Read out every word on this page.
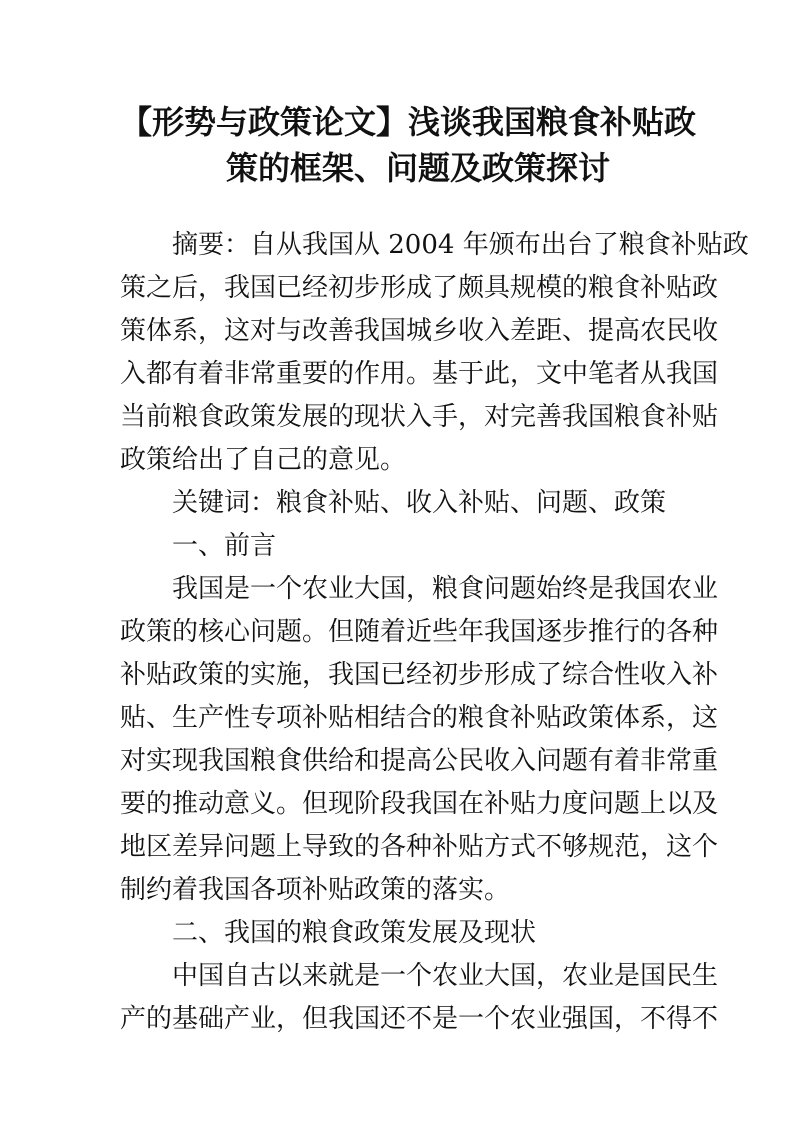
【形势与政策论文】浅谈我国粮食补贴政
策的框架、问题及政策探讨
摘要：自从我国从 2004 年颁布出台了粮食补贴政
策之后，我国已经初步形成了颇具规模的粮食补贴政
策体系，这对与改善我国城乡收入差距、提高农民收
入都有着非常重要的作用。基于此，文中笔者从我国
当前粮食政策发展的现状入手，对完善我国粮食补贴
政策给出了自己的意见。
关键词：粮食补贴、收入补贴、问题、政策
一、前言
我国是一个农业大国，粮食问题始终是我国农业
政策的核心问题。但随着近些年我国逐步推行的各种
补贴政策的实施，我国已经初步形成了综合性收入补
贴、生产性专项补贴相结合的粮食补贴政策体系，这
对实现我国粮食供给和提高公民收入问题有着非常重
要的推动意义。但现阶段我国在补贴力度问题上以及
地区差异问题上导致的各种补贴方式不够规范，这个
制约着我国各项补贴政策的落实。
二、我国的粮食政策发展及现状
中国自古以来就是一个农业大国，农业是国民生
产的基础产业，但我国还不是一个农业强国，不得不
